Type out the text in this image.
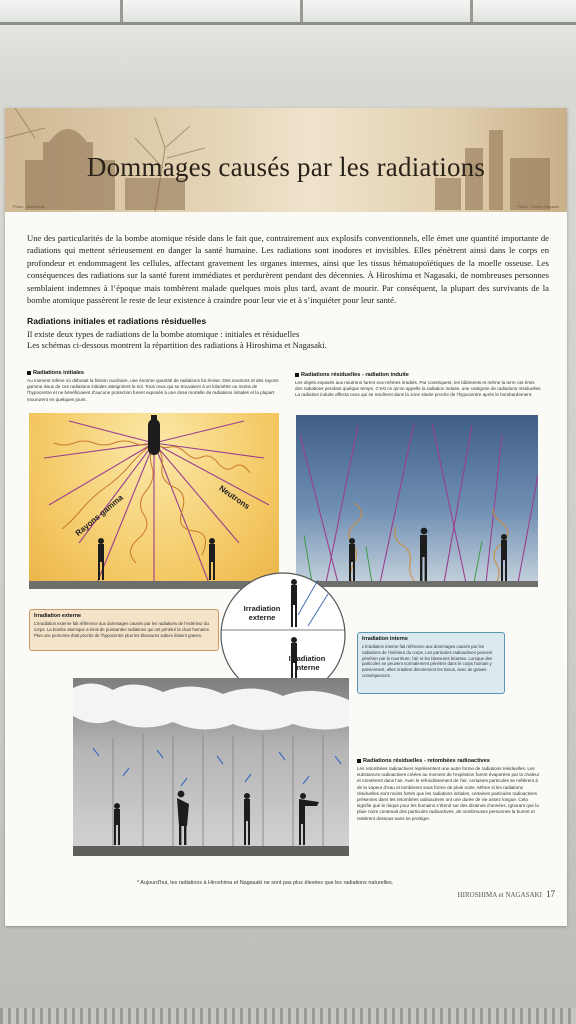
Dommages causés par les radiations
Photo : Mochizuki	Photo : Shigeo Hayashi
Une des particularités de la bombe atomique réside dans le fait que, contrairement aux explosifs conventionnels, elle émet une quantité importante de radiations qui mettent sérieusement en danger la santé humaine. Les radiations sont inodores et invisibles. Elles pénètrent ainsi dans le corps en profondeur et endommagent les cellules, affectant gravement les organes internes, ainsi que les tissus hématopoïétiques de la moelle osseuse. Les conséquences des radiations sur la santé furent immédiates et perdurèrent pendant des décennies. À Hiroshima et Nagasaki, de nombreuses personnes semblaient indemnes à l’époque mais tombèrent malade quelques mois plus tard, avant de mourir. Par conséquent, la plupart des survivants de la bombe atomique passèrent le reste de leur existence à craindre pour leur vie et à s’inquiéter pour leur santé.
Radiations initiales et radiations résiduelles
Il existe deux types de radiations de la bombe atomique : initiales et résiduelles
Les schémas ci-dessous montrent la répartition des radiations à Hiroshima et Nagasaki.
Radiations initiales
Au moment même où débutait la fission nucléaire, une énorme quantité de radiations fut émise. Des neutrons et des rayons gamma issus de ces radiations initiales atteignirent le sol. Tous ceux qui se trouvaient à un kilomètre ou moins de l’hypocentre et ne bénéficiaient d’aucune protection furent exposés à une dose mortelle de radiations initiales et la plupart moururent en quelques jours.
Rayons gamma	Neutrons
Radiations résiduelles - radiation induite
Les objets exposés aux neutrons furent eux-mêmes irradiés. Par conséquent, les bâtiments et même la terre ont émis des radiations pendant quelque temps. C’est ce qu’on appelle la radiation induite, une catégorie de radiations résiduelles. La radiation induite affecta ceux qui se rendirent dans la zone située proche de l’hypocentre après le bombardement.
Irradiation externe
Irradiation interne
Irradiation externe
L’irradiation externe fait référence aux dommages causés par les radiations de l’extérieur du corps. La bombe atomique a émis de puissantes radiations qui ont pénétré la chair humaine. Plus une personne était proche de l’hypocentre plus les blessures subies étaient graves.
Irradiation interne
L’irradiation interne fait référence aux dommages causés par les radiations de l’intérieur du corps. Les particules radioactives peuvent pénétrer par la nourriture, l’air et les blessures béantes. Lorsque des particules ne peuvent normalement pénétrer dans le corps humain y parviennent, elles irradient directement les tissus, avec de graves conséquences.
Radiations résiduelles - retombées radioactives
Les retombées radioactives représentent une autre forme de radiations résiduelles. Les substances radioactives créées au moment de l’explosion furent évaporées par la chaleur et montèrent dans l’air. Avec le refroidissement de l’air, certaines particules se mêlèrent à de la vapeur d’eau et tombèrent sous forme de pluie noire. Même si les radiations résiduelles sont moins fortes que les radiations initiales, certaines particules radioactives présentes dans les retombées radioactives ont une durée de vie assez longue. Cela signifie que le risque pour les humains s’étend sur des dizaines d’années. Ignorant que la pluie noire contenait des particules radioactives, de nombreuses personnes la burent et restèrent dessous sans se protéger.
* Aujourd’hui, les radiations à Hiroshima et Nagasaki ne sont pas plus élevées que les radiations naturelles.
HIROSHIMA et NAGASAKI 17
